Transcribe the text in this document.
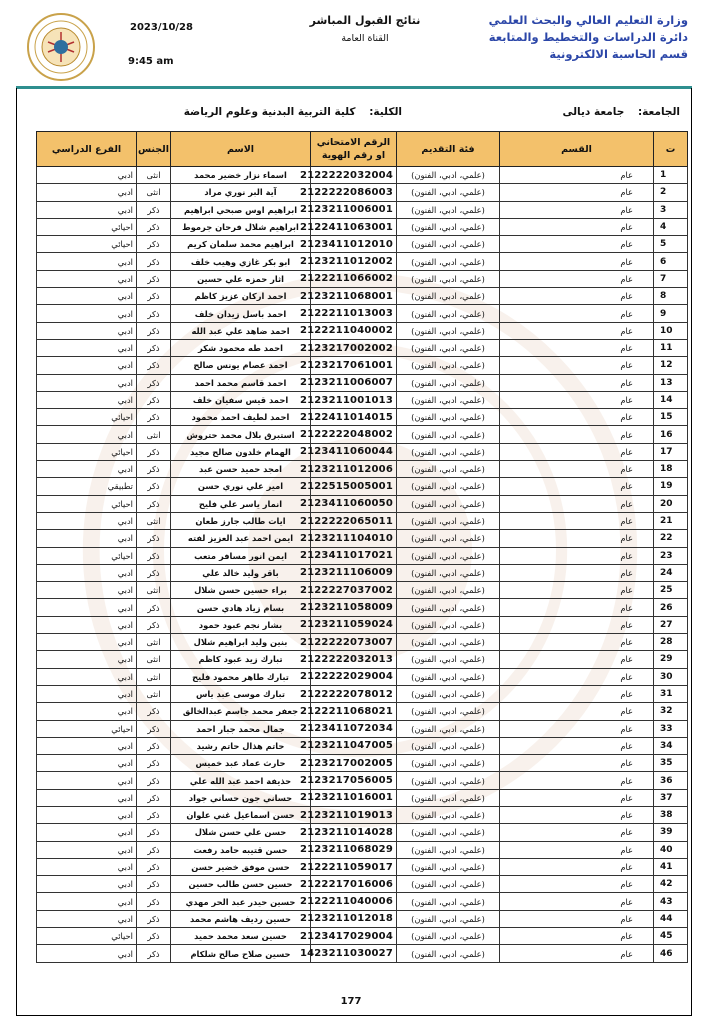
وزارة التعليم العالي والبحث العلمي
دائرة الدراسات والتخطيط والمتابعة
قسم الحاسبة الالكترونية
نتائج القبول المباشر
القناة العامة
2023/10/28
9:45 am
الجامعة: جامعة ديالى
الكلية: كلية التربية البدنية وعلوم الرياضة
ت	القسم	فئة التقديم	الرقم الامتحاني او رقم الهوية	الاسم	الجنس	الفرع الدراسي
1	عام	(علمي، ادبي، الفنون)	2122222032004	اسماء نزار خضير محمد	انثى	ادبي
2	عام	(علمي، ادبي، الفنون)	2122222086003	آية البر نوري مراد	انثى	ادبي
3	عام	(علمي، ادبي، الفنون)	2123211006001	ابراهيم اوس صبحي ابراهيم	ذكر	ادبي
4	عام	(علمي، ادبي، الفنون)	2122411063001	ابراهيم شلال فرحان جرموط	ذكر	احيائي
5	عام	(علمي، ادبي، الفنون)	2123411012010	ابراهيم محمد سلمان كريم	ذكر	احيائي
6	عام	(علمي، ادبي، الفنون)	2123211012002	ابو بكر غازي وهيب خلف	ذكر	ادبي
7	عام	(علمي، ادبي، الفنون)	2122211066002	اثار حمزه علي حسين	ذكر	ادبي
8	عام	(علمي، ادبي، الفنون)	2123211068001	احمد اركان عزيز كاظم	ذكر	ادبي
9	عام	(علمي، ادبي، الفنون)	2122211013003	احمد باسل زيدان خلف	ذكر	ادبي
10	عام	(علمي، ادبي، الفنون)	2122211040002	احمد ضاهد علي عبد الله	ذكر	ادبي
11	عام	(علمي، ادبي، الفنون)	2123217002002	احمد طه محمود شكر	ذكر	ادبي
12	عام	(علمي، ادبي، الفنون)	2123217061001	احمد عصام يونس صالح	ذكر	ادبي
13	عام	(علمي، ادبي، الفنون)	2123211006007	احمد قاسم محمد احمد	ذكر	ادبي
14	عام	(علمي، ادبي، الفنون)	2123211001013	احمد قيس سفيان خلف	ذكر	ادبي
15	عام	(علمي، ادبي، الفنون)	2122411014015	احمد لطيف احمد محمود	ذكر	احيائي
16	عام	(علمي، ادبي، الفنون)	2122222048002	استبرق بلال محمد حتروش	انثى	ادبي
17	عام	(علمي، ادبي، الفنون)	2123411060044	الهمام خلدون صالح مجيد	ذكر	احيائي
18	عام	(علمي، ادبي، الفنون)	2123211012006	امجد حميد حسن عبد	ذكر	ادبي
19	عام	(علمي، ادبي، الفنون)	2122515005001	امير علي نوري حسن	ذكر	تطبيقي
20	عام	(علمي، ادبي، الفنون)	2123411060050	انمار ياسر علي فليح	ذكر	احيائي
21	عام	(علمي، ادبي، الفنون)	2122222065011	ايات طالب جارز طعان	انثى	ادبي
22	عام	(علمي، ادبي، الفنون)	2123211104010	ايمن احمد عبد العزيز لفته	ذكر	ادبي
23	عام	(علمي، ادبي، الفنون)	2123411017021	ايمن انور مسافر متعب	ذكر	احيائي
24	عام	(علمي، ادبي، الفنون)	2123211106009	باقر وليد خالد علي	ذكر	ادبي
25	عام	(علمي، ادبي، الفنون)	2122227037002	براء حسين حسن شلال	انثى	ادبي
26	عام	(علمي، ادبي، الفنون)	2123211058009	بسام زياد هادي حسن	ذكر	ادبي
27	عام	(علمي، ادبي، الفنون)	2123211059024	بشار نجم عبود حمود	ذكر	ادبي
28	عام	(علمي، ادبي، الفنون)	2122222073007	بنين وليد ابراهيم شلال	انثى	ادبي
29	عام	(علمي، ادبي، الفنون)	2122222032013	تبارك زيد عبود كاظم	انثى	ادبي
30	عام	(علمي، ادبي، الفنون)	2122222029004	تبارك طاهر محمود فليح	انثى	ادبي
31	عام	(علمي، ادبي، الفنون)	2122222078012	تبارك موسى عبد ياس	انثى	ادبي
32	عام	(علمي، ادبي، الفنون)	2122211068021	جعفر محمد جاسم عبدالخالق	ذكر	ادبي
33	عام	(علمي، ادبي، الفنون)	2123411072034	جمال محمد جبار احمد	ذكر	احيائي
34	عام	(علمي، ادبي، الفنون)	2123211047005	حاتم هذال حاتم رشيد	ذكر	ادبي
35	عام	(علمي، ادبي، الفنون)	2123217002005	حارث عماد عبد خميس	ذكر	ادبي
36	عام	(علمي، ادبي، الفنون)	2123217056005	حذيفة احمد عبد الله علي	ذكر	ادبي
37	عام	(علمي، ادبي، الفنون)	2123211016001	حساني جون حساني جواد	ذكر	ادبي
38	عام	(علمي، ادبي، الفنون)	2123211019013	حسن اسماعيل غني علوان	ذكر	ادبي
39	عام	(علمي، ادبي، الفنون)	2123211014028	حسن علي حسن شلال	ذكر	ادبي
40	عام	(علمي، ادبي، الفنون)	2123211068029	حسن قتيبه حامد رفعت	ذكر	ادبي
41	عام	(علمي، ادبي، الفنون)	2122211059017	حسن موفق خضير حسن	ذكر	ادبي
42	عام	(علمي، ادبي، الفنون)	2122217016006	حسين حسن طالب حسين	ذكر	ادبي
43	عام	(علمي، ادبي، الفنون)	2122211040006	حسين حيدر عبد الحر مهدي	ذكر	ادبي
44	عام	(علمي، ادبي، الفنون)	2123211012018	حسين رديف هاشم محمد	ذكر	ادبي
45	عام	(علمي، ادبي، الفنون)	2123417029004	حسين سعد محمد حميد	ذكر	احيائي
46	عام	(علمي، ادبي، الفنون)	1423211030027	حسين صلاح صالح شلكام	ذكر	ادبي
177
